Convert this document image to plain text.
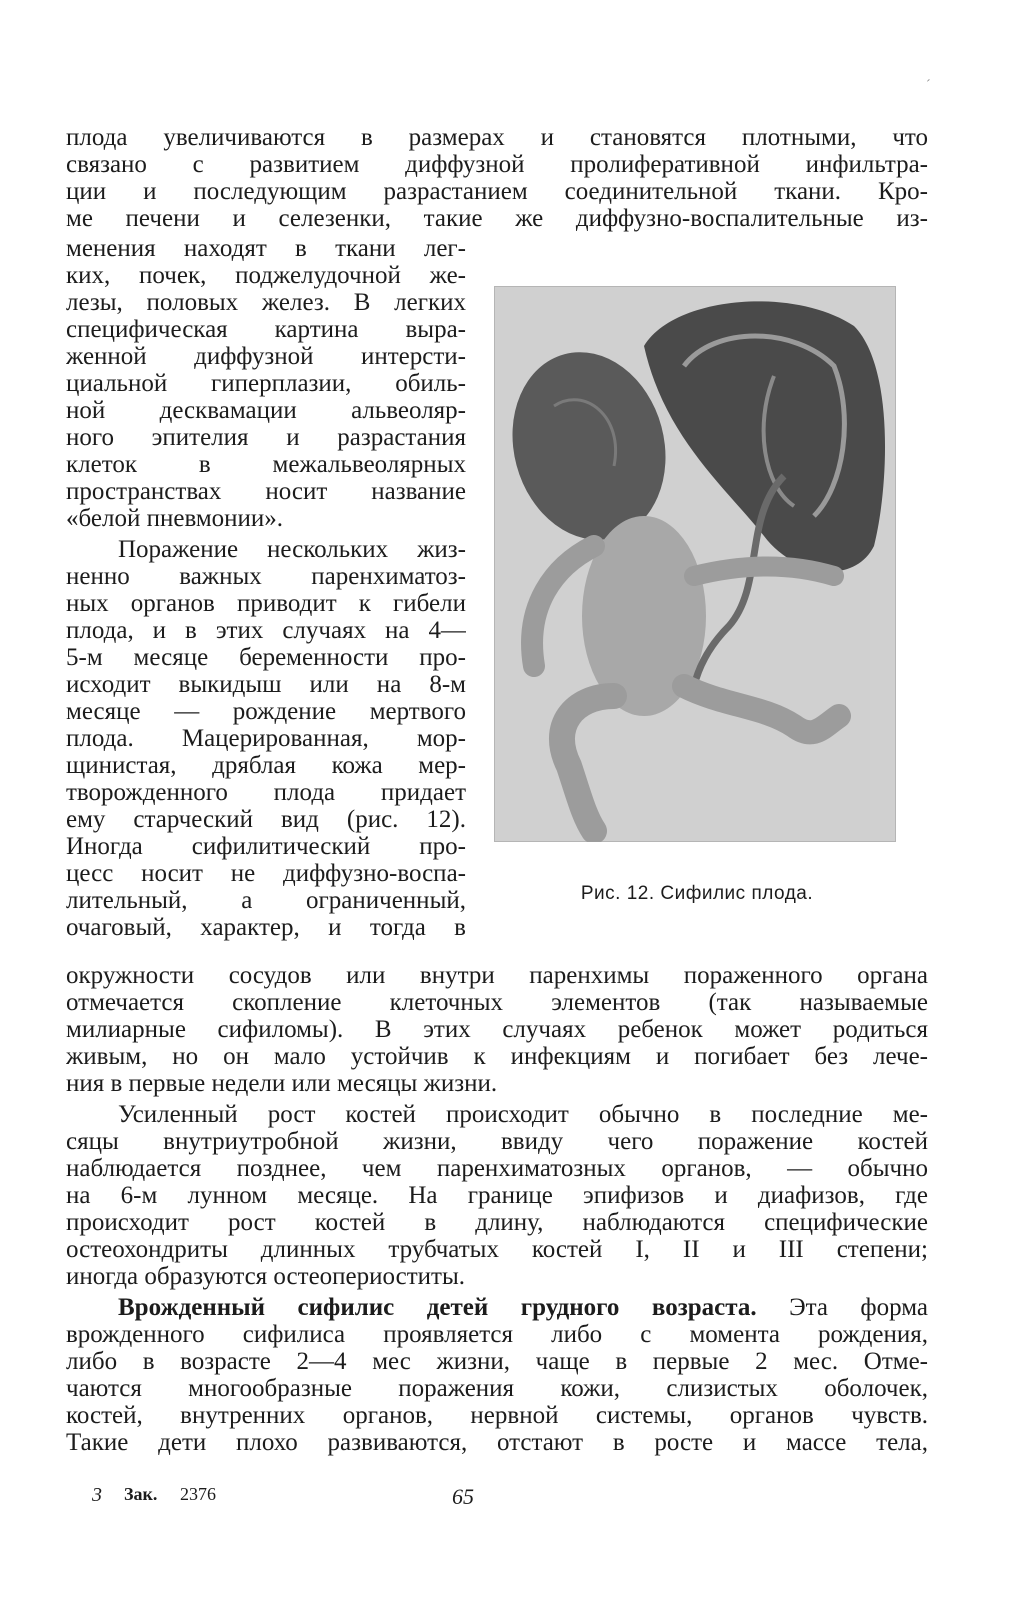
´
плода увеличиваются в размерах и становятся плотными, что
связано с развитием диффузной пролиферативной инфильтра-
ции и последующим разрастанием соединительной ткани. Кро-
ме печени и селезенки, такие же диффузно-воспалительные из-
менения находят в ткани лег-
ких, почек, поджелудочной же-
лезы, половых желез. В легких
специфическая картина выра-
женной диффузной интерсти-
циальной гиперплазии, обиль-
ной десквамации альвеоляр-
ного эпителия и разрастания
клеток в межальвеолярных
пространствах носит название
«белой пневмонии».
Поражение нескольких жиз-
ненно важных паренхиматоз-
ных органов приводит к гибели
плода, и в этих случаях на 4—
5-м месяце беременности про-
исходит выкидыш или на 8-м
месяце — рождение мертвого
плода. Мацерированная, мор-
щинистая, дряблая кожа мер-
творожденного плода придает
ему старческий вид (рис. 12).
Иногда сифилитический про-
цесс носит не диффузно-воспа-
лительный, а ограниченный,
очаговый, характер, и тогда в
Рис. 12. Сифилис плода.
окружности сосудов или внутри паренхимы пораженного органа
отмечается скопление клеточных элементов (так называемые
милиарные сифиломы). В этих случаях ребенок может родиться
живым, но он мало устойчив к инфекциям и погибает без лече-
ния в первые недели или месяцы жизни.
Усиленный рост костей происходит обычно в последние ме-
сяцы внутриутробной жизни, ввиду чего поражение костей
наблюдается позднее, чем паренхиматозных органов, — обычно
на 6-м лунном месяце. На границе эпифизов и диафизов, где
происходит рост костей в длину, наблюдаются специфические
остеохондриты длинных трубчатых костей I, II и III степени;
иногда образуются остеопериоститы.
Врожденный сифилис детей грудного возраста. Эта форма
врожденного сифилиса проявляется либо с момента рождения,
либо в возрасте 2—4 мес жизни, чаще в первые 2 мес. Отме-
чаются многообразные поражения кожи, слизистых оболочек,
костей, внутренних органов, нервной системы, органов чувств.
Такие дети плохо развиваются, отстают в росте и массе тела,
3 Зак. 2376	65
